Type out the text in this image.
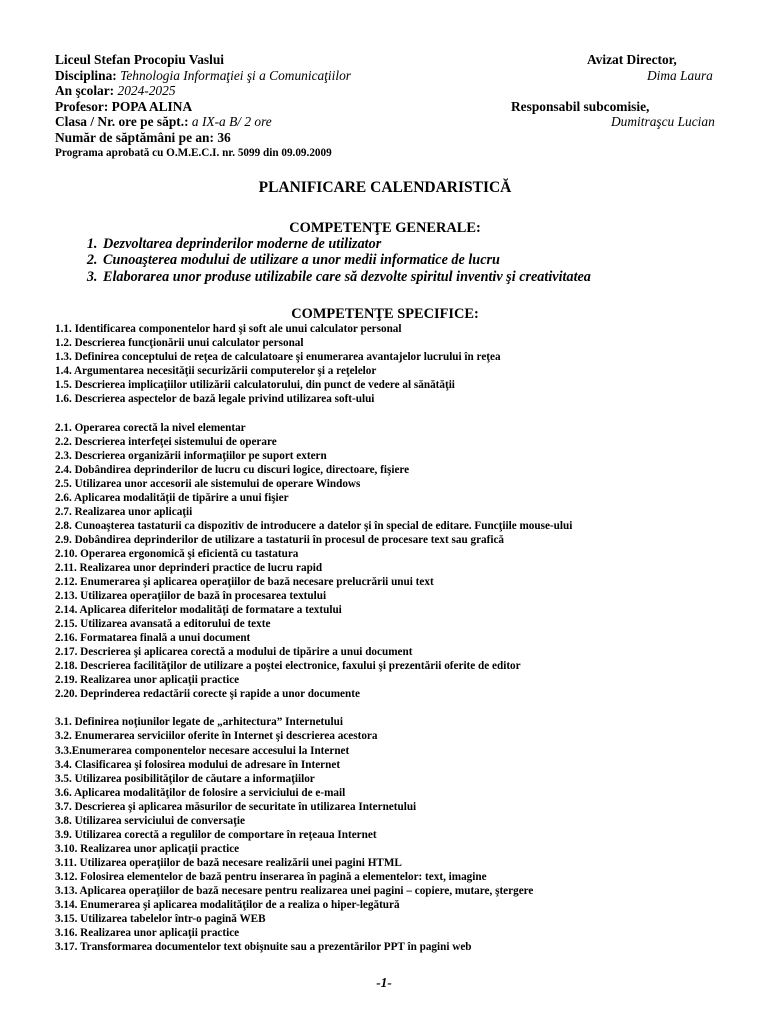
Liceul Stefan Procopiu Vaslui
Disciplina: Tehnologia Informaţiei şi a Comunicaţiilor
An şcolar: 2024-2025
Profesor: POPA ALINA
Clasa / Nr. ore pe săpt.: a IX-a B/ 2 ore
Număr de săptămâni pe an: 36
Programa aprobată cu O.M.E.C.I. nr. 5099 din 09.09.2009
Avizat Director,
Dima Laura

Responsabil subcomisie,
Dumitraşcu Lucian
PLANIFICARE CALENDARISTICĂ
COMPETENŢE GENERALE:
1. Dezvoltarea deprinderilor moderne de utilizator
2. Cunoaşterea modului de utilizare a unor medii informatice de lucru
3. Elaborarea unor produse utilizabile care să dezvolte spiritul inventiv şi creativitatea
COMPETENŢE SPECIFICE:
1.1. Identificarea componentelor hard şi soft ale unui calculator personal
1.2. Descrierea funcţionării unui calculator personal
1.3. Definirea conceptului de reţea de calculatoare şi enumerarea avantajelor lucrului în reţea
1.4. Argumentarea necesităţii securizării computerelor şi a reţelelor
1.5. Descrierea implicaţiilor utilizării calculatorului, din punct de vedere al sănătăţii
1.6. Descrierea aspectelor de bază legale privind utilizarea soft-ului
2.1. Operarea corectă la nivel elementar
2.2. Descrierea interfeţei sistemului de operare
2.3. Descrierea organizării informaţiilor pe suport extern
2.4. Dobândirea deprinderilor de lucru cu discuri logice, directoare, fişiere
2.5. Utilizarea unor accesorii ale sistemului de operare Windows
2.6. Aplicarea modalităţii de tipărire a unui fişier
2.7. Realizarea unor aplicaţii
2.8. Cunoaşterea tastaturii ca dispozitiv de introducere a datelor şi în special de editare. Funcţiile mouse-ului
2.9. Dobândirea deprinderilor de utilizare a tastaturii în procesul de procesare text sau grafică
2.10. Operarea ergonomică şi eficientă cu tastatura
2.11. Realizarea unor deprinderi practice de lucru rapid
2.12. Enumerarea şi aplicarea operaţiilor de bază necesare prelucrării unui text
2.13. Utilizarea operaţiilor de bază în procesarea textului
2.14. Aplicarea diferitelor modalităţi de formatare a textului
2.15. Utilizarea avansată a editorului de texte
2.16. Formatarea finală a unui document
2.17. Descrierea şi aplicarea corectă a modului de tipărire a unui document
2.18. Descrierea facilităţilor de utilizare a poştei electronice, faxului şi prezentării oferite de editor
2.19. Realizarea unor aplicaţii practice
2.20. Deprinderea redactării corecte şi rapide a unor documente
3.1. Definirea noţiunilor legate de „arhitectura” Internetului
3.2. Enumerarea serviciilor oferite în Internet şi descrierea acestora
3.3.Enumerarea componentelor necesare accesului la Internet
3.4. Clasificarea şi folosirea modului de adresare în Internet
3.5. Utilizarea posibilităţilor de căutare a informaţiilor
3.6. Aplicarea modalităţilor de folosire a serviciului de e-mail
3.7. Descrierea şi aplicarea măsurilor de securitate în utilizarea Internetului
3.8. Utilizarea serviciului de conversaţie
3.9. Utilizarea corectă a regulilor de comportare în reţeaua Internet
3.10. Realizarea unor aplicaţii practice
3.11. Utilizarea operaţiilor de bază necesare realizării unei pagini HTML
3.12. Folosirea elementelor de bază pentru inserarea în pagină a elementelor: text, imagine
3.13. Aplicarea operaţiilor de bază necesare pentru realizarea unei pagini – copiere, mutare, ştergere
3.14. Enumerarea şi aplicarea modalităţilor de a realiza o hiper-legătură
3.15. Utilizarea tabelelor într-o pagină WEB
3.16. Realizarea unor aplicaţii practice
3.17. Transformarea documentelor text obişnuite sau a prezentărilor PPT în pagini web
-1-
